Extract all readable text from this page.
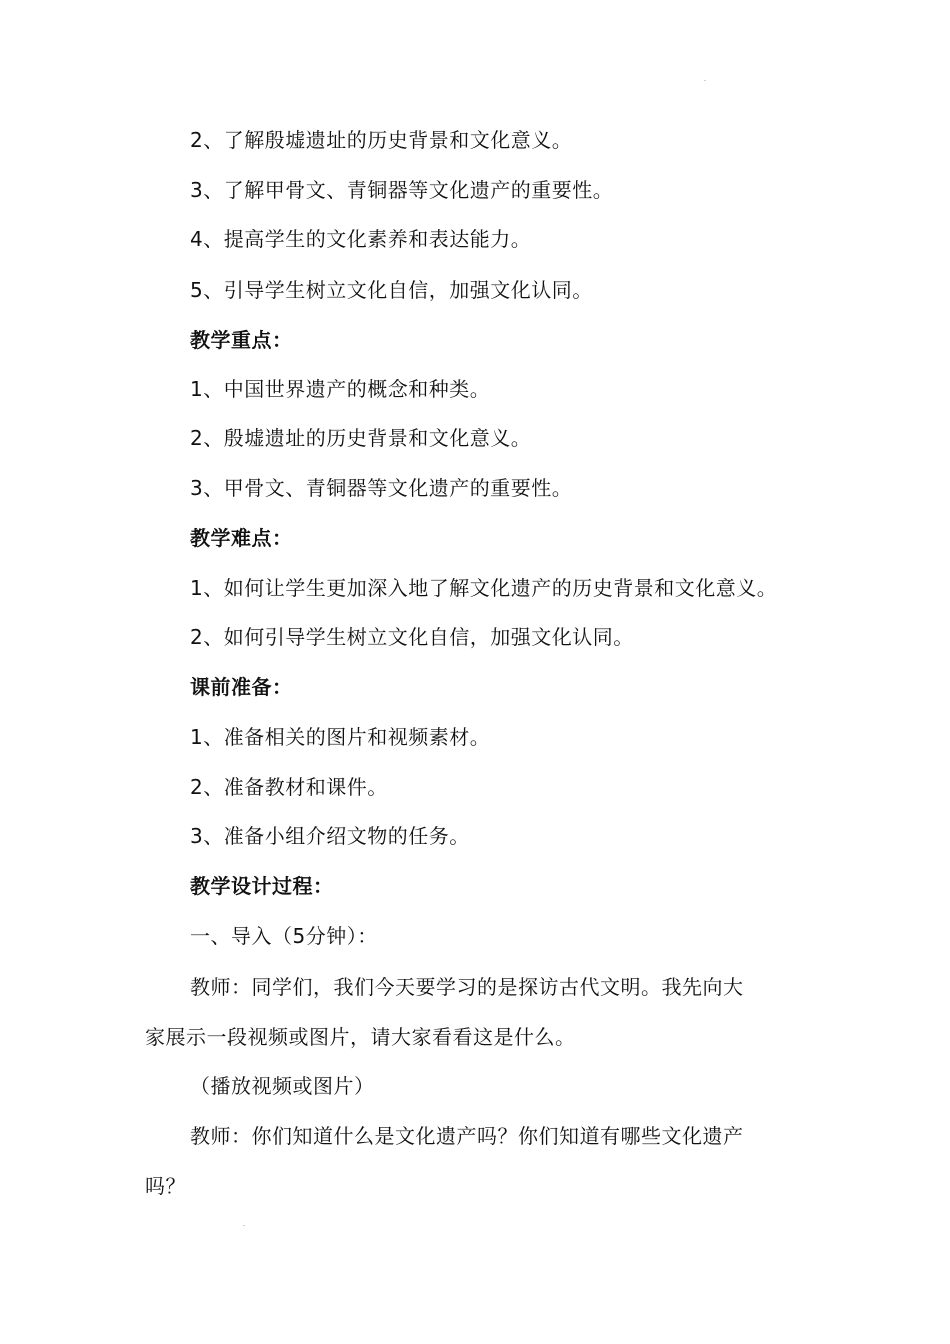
2、了解殷墟遗址的历史背景和文化意义。
3、了解甲骨文、青铜器等文化遗产的重要性。
4、提高学生的文化素养和表达能力。
5、引导学生树立文化自信，加强文化认同。
教学重点：
1、中国世界遗产的概念和种类。
2、殷墟遗址的历史背景和文化意义。
3、甲骨文、青铜器等文化遗产的重要性。
教学难点：
1、如何让学生更加深入地了解文化遗产的历史背景和文化意义。
2、如何引导学生树立文化自信，加强文化认同。
课前准备：
1、准备相关的图片和视频素材。
2、准备教材和课件。
3、准备小组介绍文物的任务。
教学设计过程：
一、导入（5分钟）：
教师：同学们，我们今天要学习的是探访古代文明。我先向大
家展示一段视频或图片，请大家看看这是什么。
（播放视频或图片）
教师：你们知道什么是文化遗产吗？你们知道有哪些文化遗产
吗？
